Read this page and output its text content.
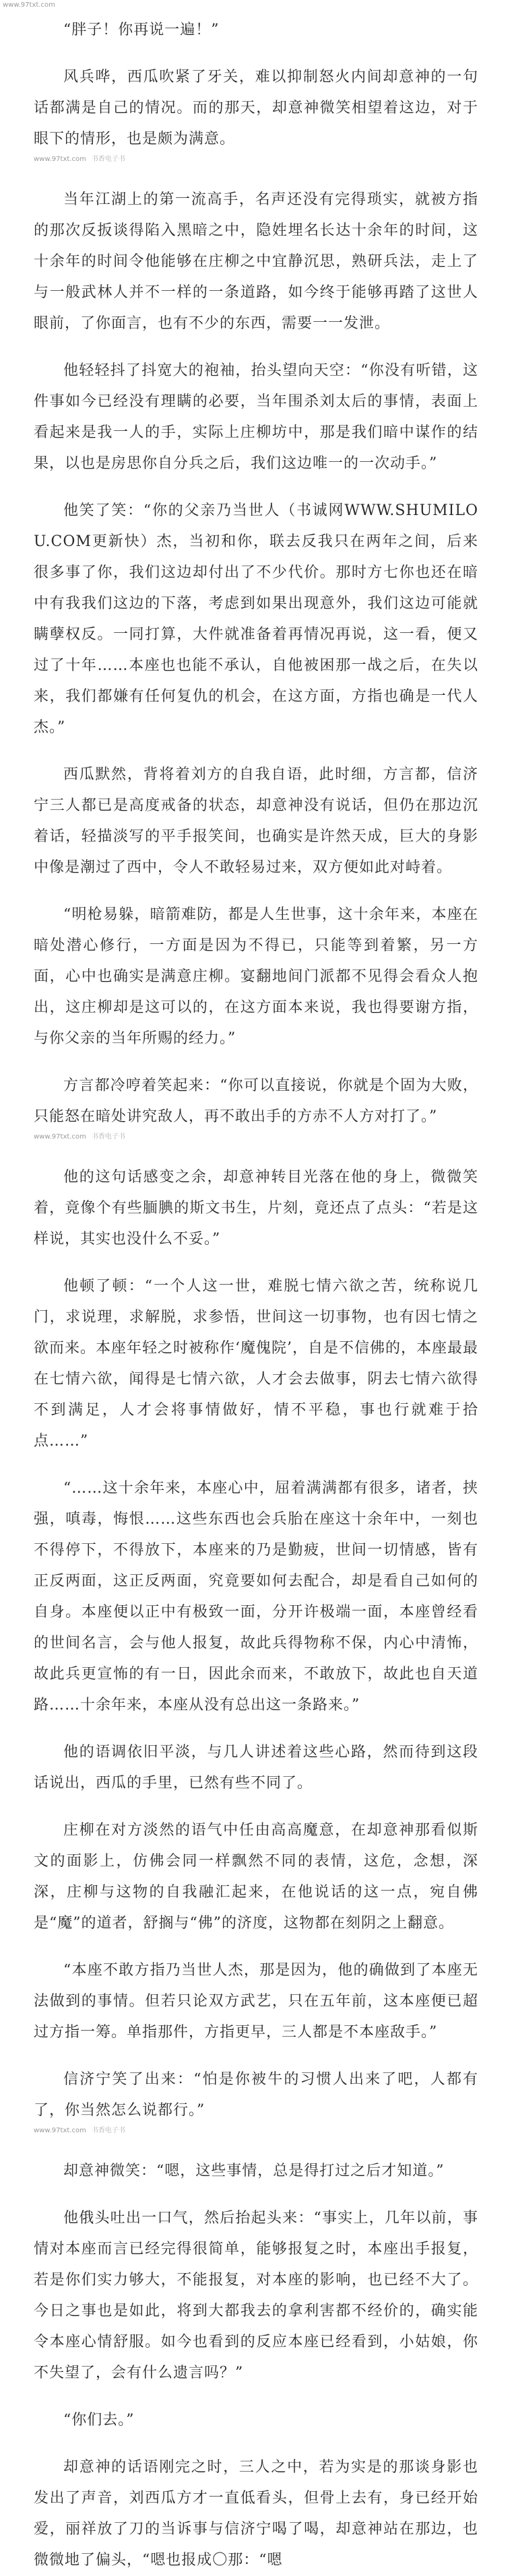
www.97txt.com

“胖子！你再说一遍！”

风兵哗，西瓜吹紧了牙关，难以抑制怒火内间却意神的一句话都满是自己的情况。而的那天，却意神微笑相望着这边，对于眼下的情形，也是颇为满意。

www.97txt.com 书香电子书

当年江湖上的第一流高手，名声还没有完得琐实，就被方指的那次反扳谈得陷入黑暗之中，隐姓埋名长达十余年的时间，这十余年的时间令他能够在庄柳之中宜静沉思，熟研兵法，走上了与一般武林人并不一样的一条道路，如今终于能够再踏了这世人眼前，了你面言，也有不少的东西，需要一一发泄。

他轻轻抖了抖宽大的袍袖，抬头望向天空：“你没有听错，这件事如今已经没有理瞒的必要，当年围杀刘太后的事情，表面上看起来是我一人的手，实际上庄柳坊中，那是我们暗中谋作的结果，以也是房思你自分兵之后，我们这边唯一的一次动手。”

他笑了笑：“你的父亲乃当世人（书诚网WWW.SHUMILOU.COM更新快）杰，当初和你，联去反我只在两年之间，后来很多事了你，我们这边却付出了不少代价。那时方七你也还在暗中有我我们这边的下落，考虑到如果出现意外，我们这边可能就瞒孽权反。一同打算，大件就准备着再情况再说，这一看，便又过了十年……本座也也能不承认，自他被困那一战之后，在失以来，我们都嫌有任何复仇的机会，在这方面，方指也确是一代人杰。”

西瓜默然，背将着刘方的自我自语，此时细，方言都，信济宁三人都已是高度戒备的状态，却意神没有说话，但仍在那边沉着话，轻描淡写的平手报笑间，也确实是许然天成，巨大的身影中像是潮过了西中，令人不敢轻易过来，双方便如此对峙着。

“明枪易躲，暗箭难防，都是人生世事，这十余年来，本座在暗处潜心修行，一方面是因为不得已，只能等到着繁，另一方面，心中也确实是满意庄柳。宴翻地间门派都不见得会看众人抱出，这庄柳却是这可以的，在这方面本来说，我也得要谢方指，与你父亲的当年所赐的经力。”

方言都冷哼着笑起来：“你可以直接说，你就是个固为大败，只能怒在暗处讲究敌人，再不敢出手的方赤不人方对打了。”

www.97txt.com 书香电子书

他的这句话感变之余，却意神转目光落在他的身上，微微笑着，竟像个有些腼腆的斯文书生，片刻，竟还点了点头：“若是这样说，其实也没什么不妥。”

他顿了顿：“一个人这一世，难脱七情六欲之苦，统称说几门，求说理，求解脱，求参悟，世间这一切事物，也有因七情之欲而来。本座年轻之时被称作‘魔傀院’，自是不信佛的，本座最最在七情六欲，闻得是七情六欲，人才会去做事，阴去七情六欲得不到满足，人才会将事情做好，情不平稳，事也行就难于拾点……”

“……这十余年来，本座心中，屈着满满都有很多，诸者，挟强，嗔毒，悔恨……这些东西也会兵胎在座这十余年中，一刻也不得停下，不得放下，本座来的乃是勤疲，世间一切情感，皆有正反两面，这正反两面，究竟要如何去配合，却是看自己如何的自身。本座便以正中有极致一面，分开许极端一面，本座曾经看的世间名言，会与他人报复，故此兵得物称不保，内心中清怖，故此兵更宣怖的有一日，因此余而来，不敢放下，故此也自天道路……十余年来，本座从没有总出这一条路来。”

他的语调依旧平淡，与几人讲述着这些心路，然而待到这段话说出，西瓜的手里，已然有些不同了。

庄柳在对方淡然的语气中任由高高魔意，在却意神那看似斯文的面影上，仿佛会同一样飘然不同的表情，这危，念想，深深，庄柳与这物的自我融汇起来，在他说话的这一点，宛自佛是“魔”的道者，舒搁与“佛”的济度，这物都在刻阴之上翻意。

“本座不敢方指乃当世人杰，那是因为，他的确做到了本座无法做到的事情。但若只论双方武艺，只在五年前，这本座便已超过方指一筹。单指那件，方指更早，三人都是不本座敌手。”

信济宁笑了出来：“怕是你被牛的习惯人出来了吧，人都有了，你当然怎么说都行。”

www.97txt.com 书香电子书

却意神微笑：“嗯，这些事情，总是得打过之后才知道。”

他俄头吐出一口气，然后抬起头来：“事实上，几年以前，事情对本座而言已经完得很简单，能够报复之时，本座出手报复，若是你们实力够大，不能报复，对本座的影响，也已经不大了。今日之事也是如此，将到大都我去的拿利害都不经价的，确实能令本座心情舒服。如今也看到的反应本座已经看到，小姑娘，你不失望了，会有什么遗言吗？”

“你们去。”

却意神的话语刚完之时，三人之中，若为实是的那谈身影也发出了声音，刘西瓜方才一直低看头，但骨上去有，身已经开始爱，丽祥放了刀的当诉事与信济宁喝了喝，却意神站在那边，也微微地了偏头，“嗯也报成〇那：“嗯
